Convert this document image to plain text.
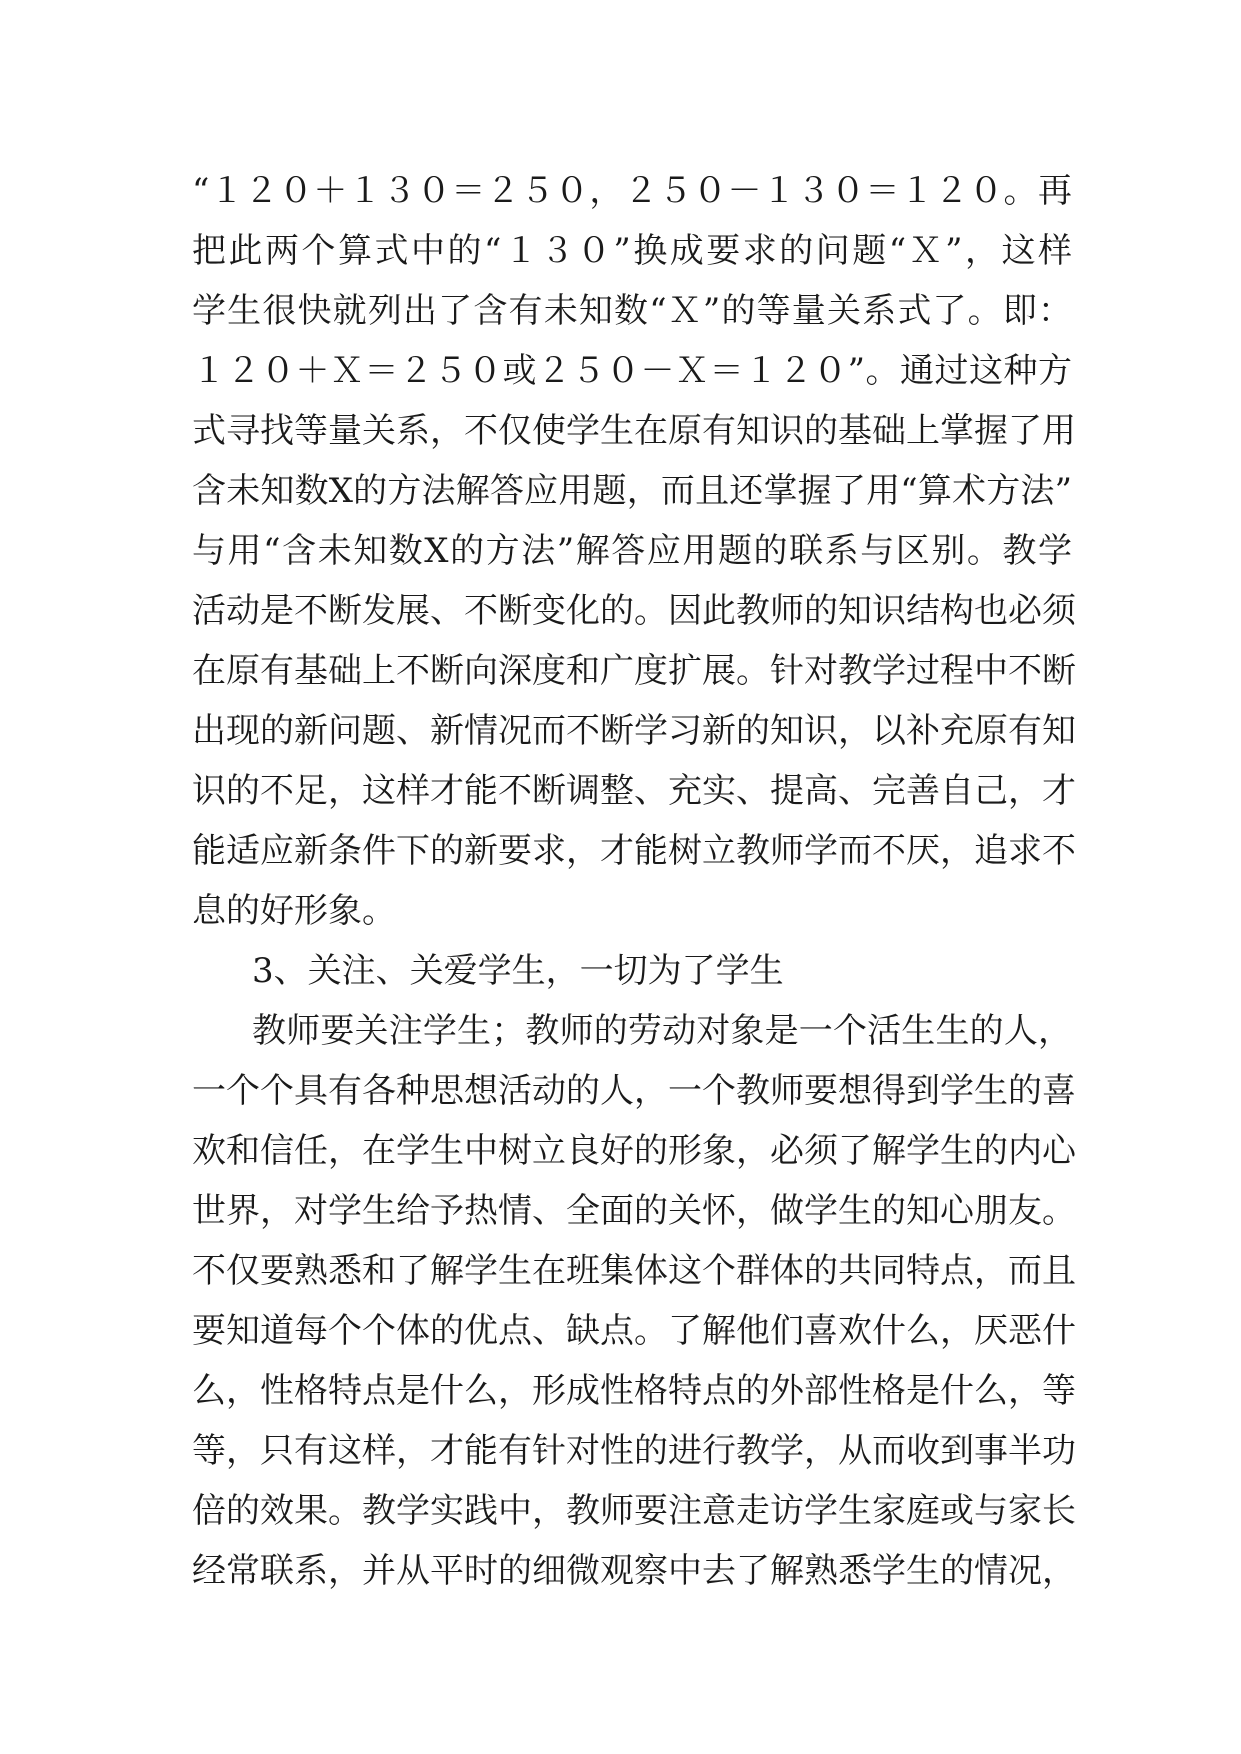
“１２０＋１３０＝２５０，２５０－１３０＝１２０。再
把此两个算式中的“１３０”换成要求的问题“Ｘ”，这样
学生很快就列出了含有未知数“Ｘ”的等量关系式了。即：
１２０＋Ｘ＝２５０或２５０－Ｘ＝１２０”。通过这种方
式寻找等量关系，不仅使学生在原有知识的基础上掌握了用
含未知数X的方法解答应用题，而且还掌握了用“算术方法”
与用“含未知数X的方法”解答应用题的联系与区别。教学
活动是不断发展、不断变化的。因此教师的知识结构也必须
在原有基础上不断向深度和广度扩展。针对教学过程中不断
出现的新问题、新情况而不断学习新的知识，以补充原有知
识的不足，这样才能不断调整、充实、提高、完善自己，才
能适应新条件下的新要求，才能树立教师学而不厌，追求不
息的好形象。
3、关注、关爱学生，一切为了学生
教师要关注学生；教师的劳动对象是一个活生生的人，
一个个具有各种思想活动的人，一个教师要想得到学生的喜
欢和信任，在学生中树立良好的形象，必须了解学生的内心
世界，对学生给予热情、全面的关怀，做学生的知心朋友。
不仅要熟悉和了解学生在班集体这个群体的共同特点，而且
要知道每个个体的优点、缺点。了解他们喜欢什么，厌恶什
么，性格特点是什么，形成性格特点的外部性格是什么，等
等，只有这样，才能有针对性的进行教学，从而收到事半功
倍的效果。教学实践中，教师要注意走访学生家庭或与家长
经常联系，并从平时的细微观察中去了解熟悉学生的情况，
